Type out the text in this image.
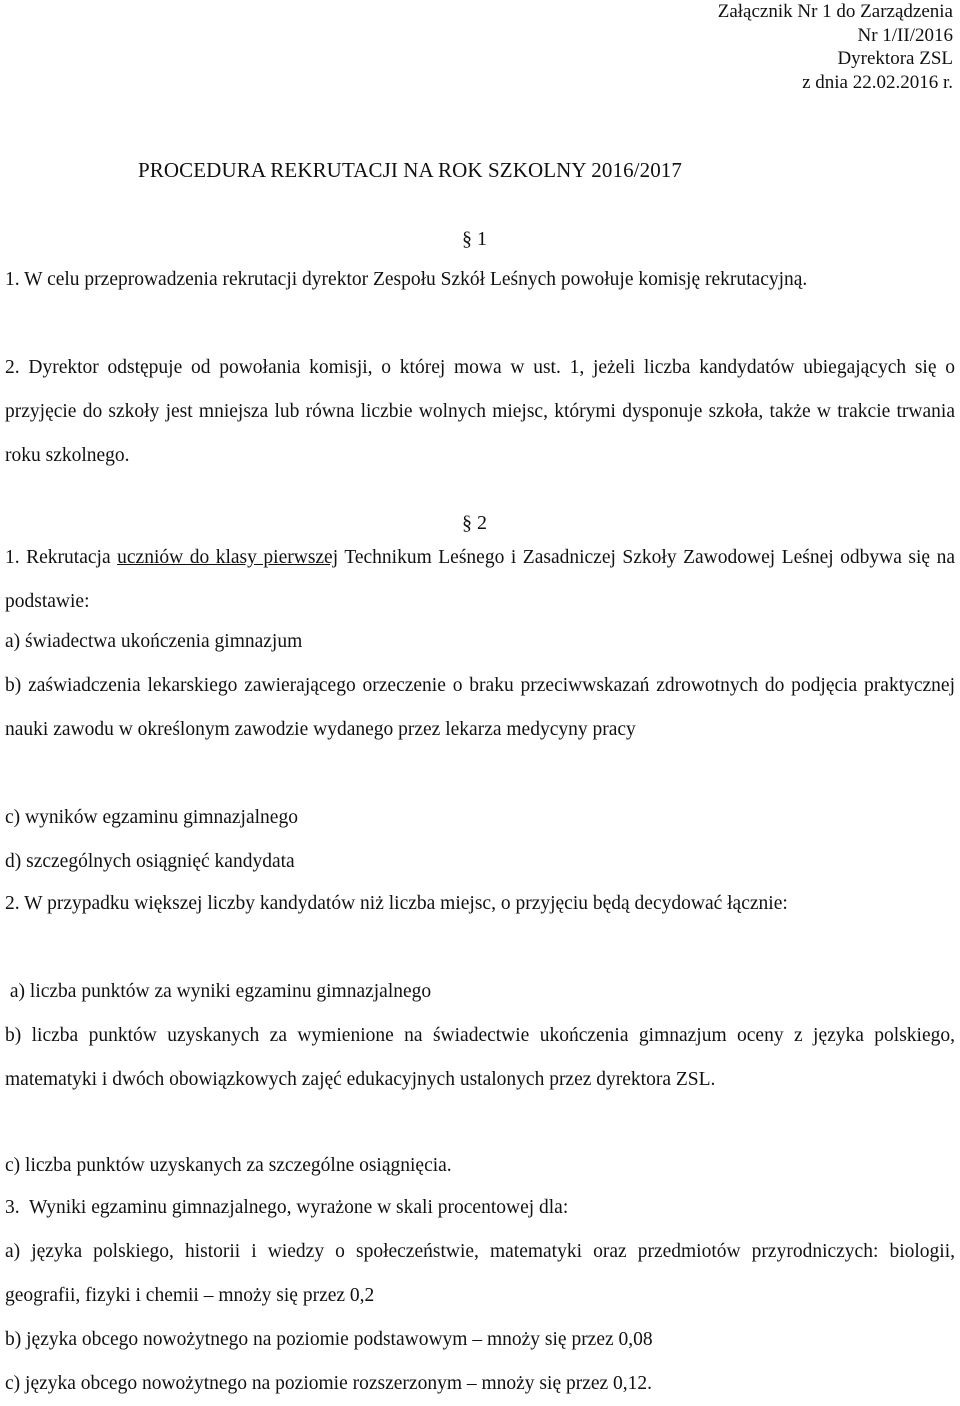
Załącznik Nr 1 do Zarządzenia
Nr 1/II/2016
Dyrektora ZSL
z dnia 22.02.2016 r.
PROCEDURA REKRUTACJI NA ROK SZKOLNY 2016/2017
§ 1

1. W celu przeprowadzenia rekrutacji dyrektor Zespołu Szkół Leśnych powołuje komisję rekrutacyjną.

2. Dyrektor odstępuje od powołania komisji, o której mowa w ust. 1, jeżeli liczba kandydatów ubiegających się o przyjęcie do szkoły jest mniejsza lub równa liczbie wolnych miejsc, którymi dysponuje szkoła, także w trakcie trwania roku szkolnego.

§ 2

1. Rekrutacja uczniów do klasy pierwszej Technikum Leśnego i Zasadniczej Szkoły Zawodowej Leśnej odbywa się na podstawie:

a) świadectwa ukończenia gimnazjum

b) zaświadczenia lekarskiego zawierającego orzeczenie o braku przeciwwskazań zdrowotnych do podjęcia praktycznej nauki zawodu w określonym zawodzie wydanego przez lekarza medycyny pracy

c) wyników egzaminu gimnazjalnego

d) szczególnych osiągnięć kandydata

2. W przypadku większej liczby kandydatów niż liczba miejsc, o przyjęciu będą decydować łącznie:

a) liczba punktów za wyniki egzaminu gimnazjalnego

b) liczba punktów uzyskanych za wymienione na świadectwie ukończenia gimnazjum oceny z języka polskiego, matematyki i dwóch obowiązkowych zajęć edukacyjnych ustalonych przez dyrektora ZSL.

c) liczba punktów uzyskanych za szczególne osiągnięcia.

3.  Wyniki egzaminu gimnazjalnego, wyrażone w skali procentowej dla:

a) języka polskiego, historii i wiedzy o społeczeństwie, matematyki oraz przedmiotów przyrodniczych: biologii, geografii, fizyki i chemii – mnoży się przez 0,2

b) języka obcego nowożytnego na poziomie podstawowym – mnoży się przez 0,08

c) języka obcego nowożytnego na poziomie rozszerzonym – mnoży się przez 0,12.
